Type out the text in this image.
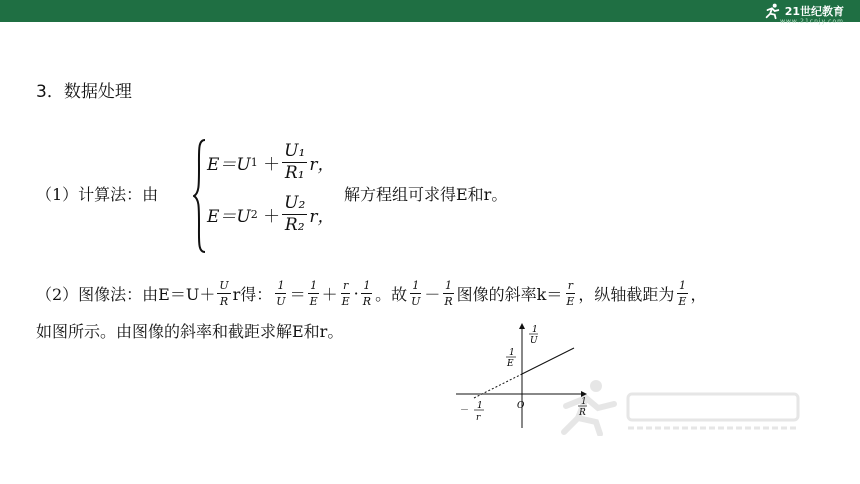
21世纪教育
www.21cnjy.com
3．数据处理
（1）计算法：由
E＝U $1 + \frac{\text{U₁}}{\text{R₁}}$ r，
E＝U $2 + \frac{\text{U₂}}{\text{R₂}}$ r，
解方程组可求得E和r。
（2）图像法：由$E=U+ \frac{U}{R}$ r得： $\frac{1}{U} = \frac{1}{E} + \frac{r}{E} \cdot \frac{1}{R}$ 。故 $\frac{1}{U} - \frac{1}{R}$ 图像的斜率$k= \frac{r}{E}$ ，纵轴截距为 $\frac{1}{E}$ ，
如图所示。由图像的斜率和截距求解E和r。	1
U
1
R
1
E
O
－ 1
r
